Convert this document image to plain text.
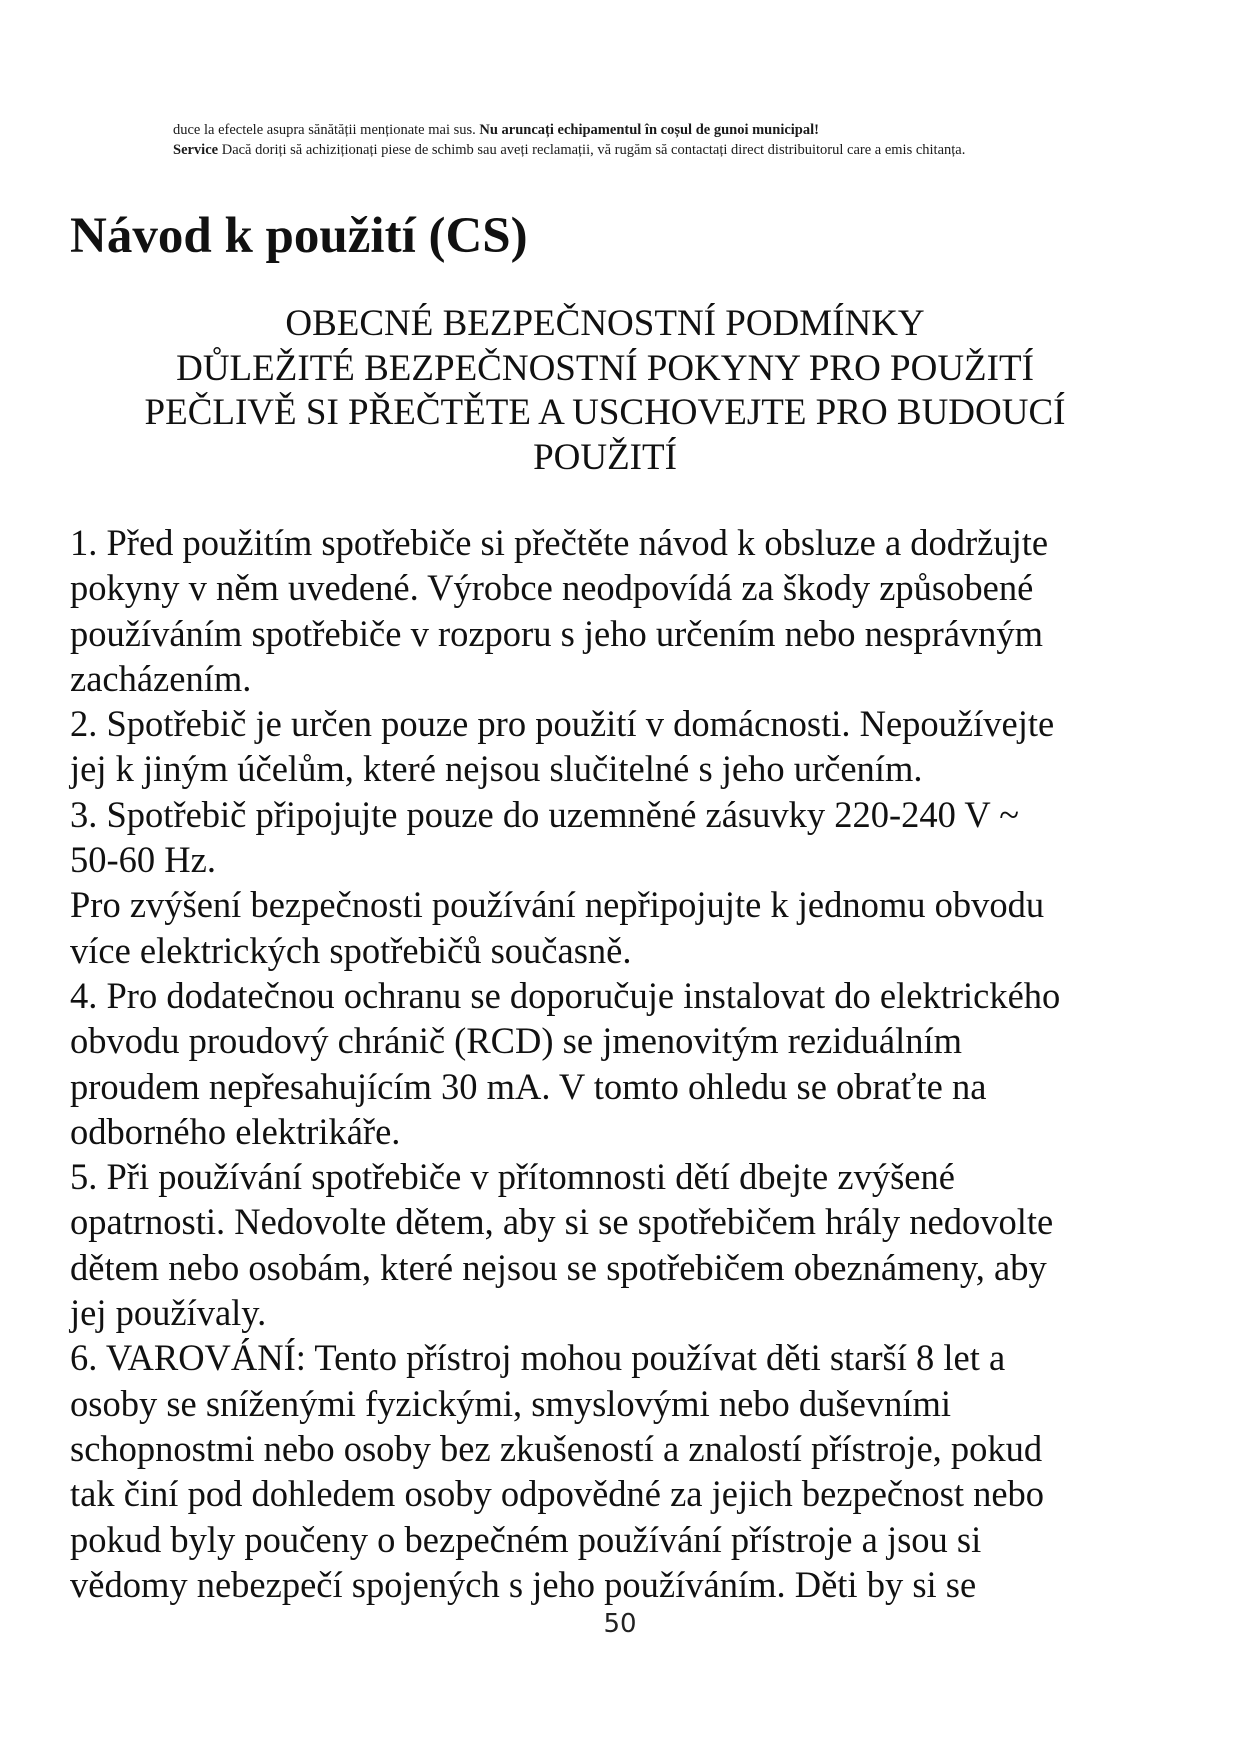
duce la efectele asupra sănătății menționate mai sus. Nu aruncați echipamentul în coșul de gunoi municipal!
Service Dacă doriți să achiziționați piese de schimb sau aveți reclamații, vă rugăm să contactați direct distribuitorul care a emis chitanța.
Návod k použití (CS)
OBECNÉ BEZPEČNOSTNÍ PODMÍNKY
DŮLEŽITÉ BEZPEČNOSTNÍ POKYNY PRO POUŽITÍ
PEČLIVĚ SI PŘEČTĚTE A USCHOVEJTE PRO BUDOUCÍ
POUŽITÍ
1. Před použitím spotřebiče si přečtěte návod k obsluze a dodržujte
pokyny v něm uvedené. Výrobce neodpovídá za škody způsobené
používáním spotřebiče v rozporu s jeho určením nebo nesprávným
zacházením.
2. Spotřebič je určen pouze pro použití v domácnosti. Nepoužívejte
jej k jiným účelům, které nejsou slučitelné s jeho určením.
3. Spotřebič připojujte pouze do uzemněné zásuvky 220-240 V ~
50-60 Hz.
Pro zvýšení bezpečnosti používání nepřipojujte k jednomu obvodu
více elektrických spotřebičů současně.
4. Pro dodatečnou ochranu se doporučuje instalovat do elektrického
obvodu proudový chránič (RCD) se jmenovitým reziduálním
proudem nepřesahujícím 30 mA. V tomto ohledu se obraťte na
odborného elektrikáře.
5. Při používání spotřebiče v přítomnosti dětí dbejte zvýšené
opatrnosti. Nedovolte dětem, aby si se spotřebičem hrály nedovolte
dětem nebo osobám, které nejsou se spotřebičem obeznámeny, aby
jej používaly.
6. VAROVÁNÍ: Tento přístroj mohou používat děti starší 8 let a
osoby se sníženými fyzickými, smyslovými nebo duševními
schopnostmi nebo osoby bez zkušeností a znalostí přístroje, pokud
tak činí pod dohledem osoby odpovědné za jejich bezpečnost nebo
pokud byly poučeny o bezpečném používání přístroje a jsou si
vědomy nebezpečí spojených s jeho používáním. Děti by si se
50
